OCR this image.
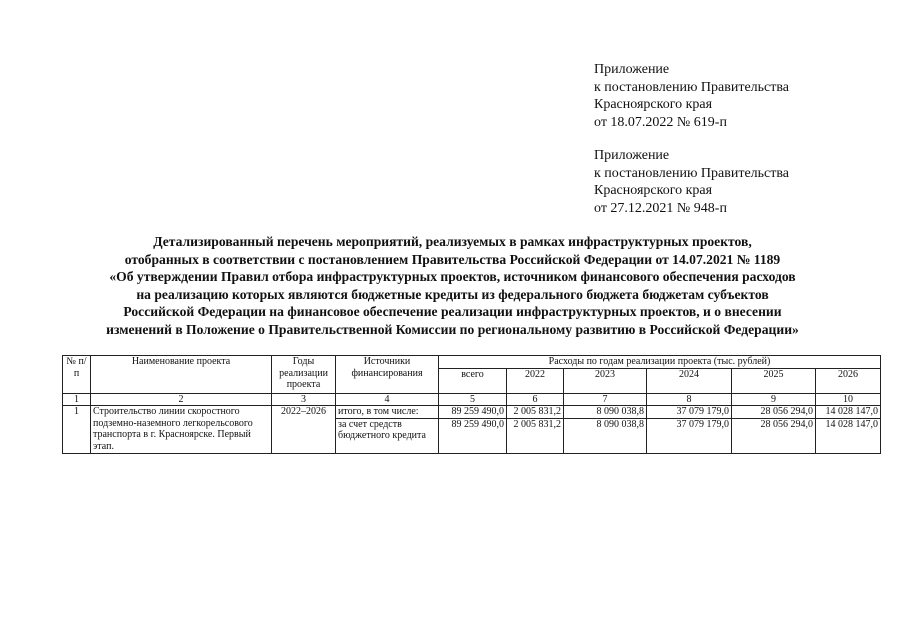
Приложение
к постановлению Правительства
Красноярского края
от 18.07.2022 № 619-п
Приложение
к постановлению Правительства
Красноярского края
от 27.12.2021 № 948-п
Детализированный перечень мероприятий, реализуемых в рамках инфраструктурных проектов,
отобранных в соответствии с постановлением Правительства Российской Федерации от 14.07.2021 № 1189
«Об утверждении Правил отбора инфраструктурных проектов, источником финансового обеспечения расходов
на реализацию которых являются бюджетные кредиты из федерального бюджета бюджетам субъектов
Российской Федерации на финансовое обеспечение реализации инфраструктурных проектов, и о внесении
изменений в Положение о Правительственной Комиссии по региональному развитию в Российской Федерации»
№ п/п	Наименование проекта	Годы реализации проекта	Источники финансирования	Расходы по годам реализации проекта (тыс. рублей)					
				всего	2022	2023	2024	2025	2026
1	2	3	4	5	6	7	8	9	10
1	Строительство линии скоростного подземно-наземного легкорельсового транспорта в г. Красноярске. Первый этап.	2022–2026	итого, в том числе:	89 259 490,0	2 005 831,2	8 090 038,8	37 079 179,0	28 056 294,0	14 028 147,0
			за счет средств бюджетного кредита	89 259 490,0	2 005 831,2	8 090 038,8	37 079 179,0	28 056 294,0	14 028 147,0
